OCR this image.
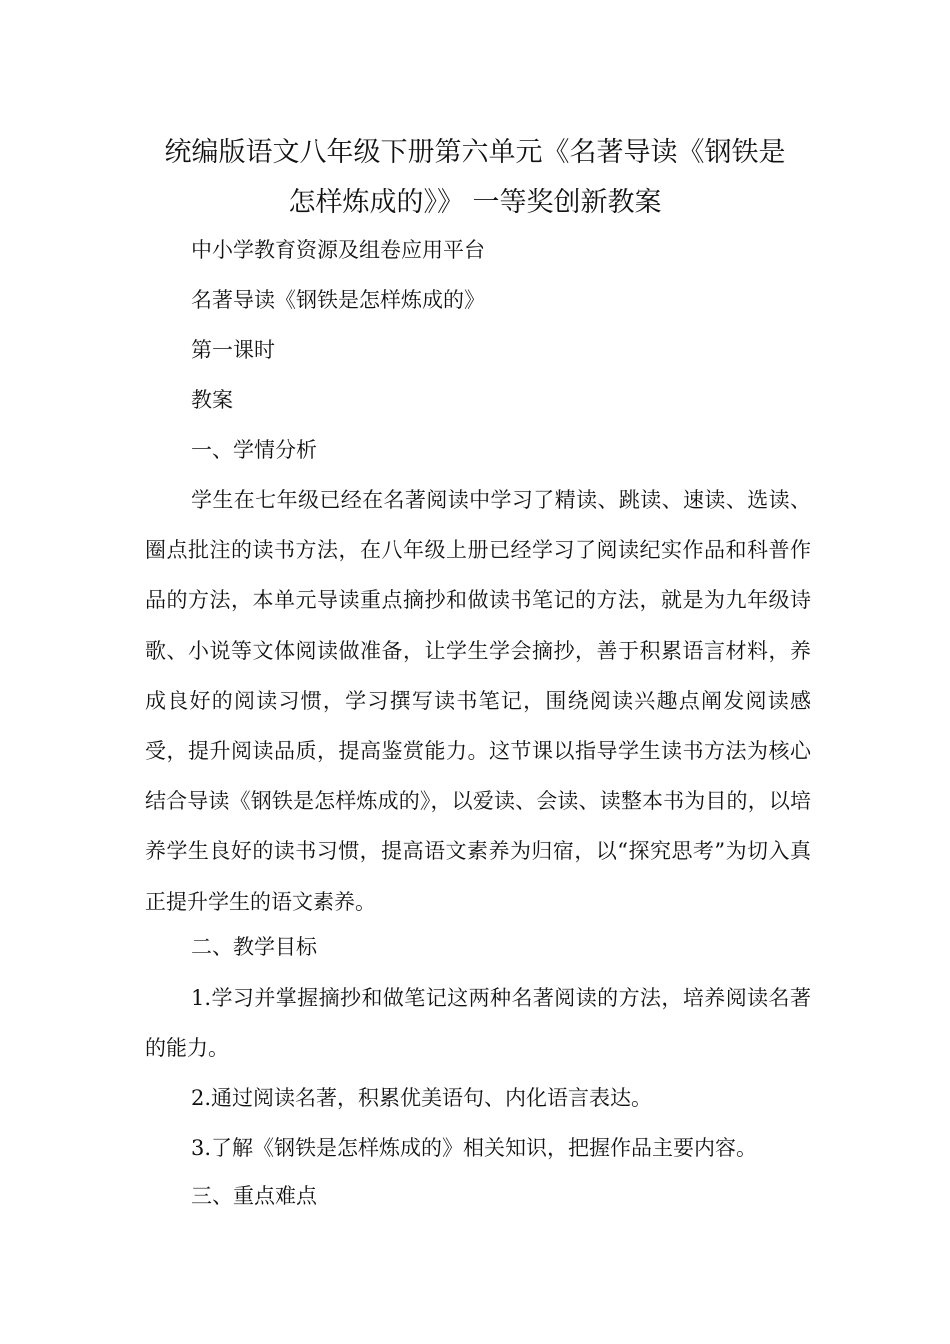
统编版语文八年级下册第六单元《名著导读《钢铁是
怎样炼成的》》 一等奖创新教案

中小学教育资源及组卷应用平台

名著导读《钢铁是怎样炼成的》

第一课时

教案

一、学情分析

学生在七年级已经在名著阅读中学习了精读、跳读、速读、选读、圈点批注的读书方法，在八年级上册已经学习了阅读纪实作品和科普作品的方法，本单元导读重点摘抄和做读书笔记的方法，就是为九年级诗歌、小说等文体阅读做准备，让学生学会摘抄，善于积累语言材料，养成良好的阅读习惯，学习撰写读书笔记，围绕阅读兴趣点阐发阅读感受，提升阅读品质，提高鉴赏能力。这节课以指导学生读书方法为核心结合导读《钢铁是怎样炼成的》，以爱读、会读、读整本书为目的，以培养学生良好的读书习惯，提高语文素养为归宿，以“探究思考”为切入真正提升学生的语文素养。

二、教学目标

1.学习并掌握摘抄和做笔记这两种名著阅读的方法，培养阅读名著的能力。

2.通过阅读名著，积累优美语句、内化语言表达。

3.了解《钢铁是怎样炼成的》相关知识，把握作品主要内容。

三、重点难点
